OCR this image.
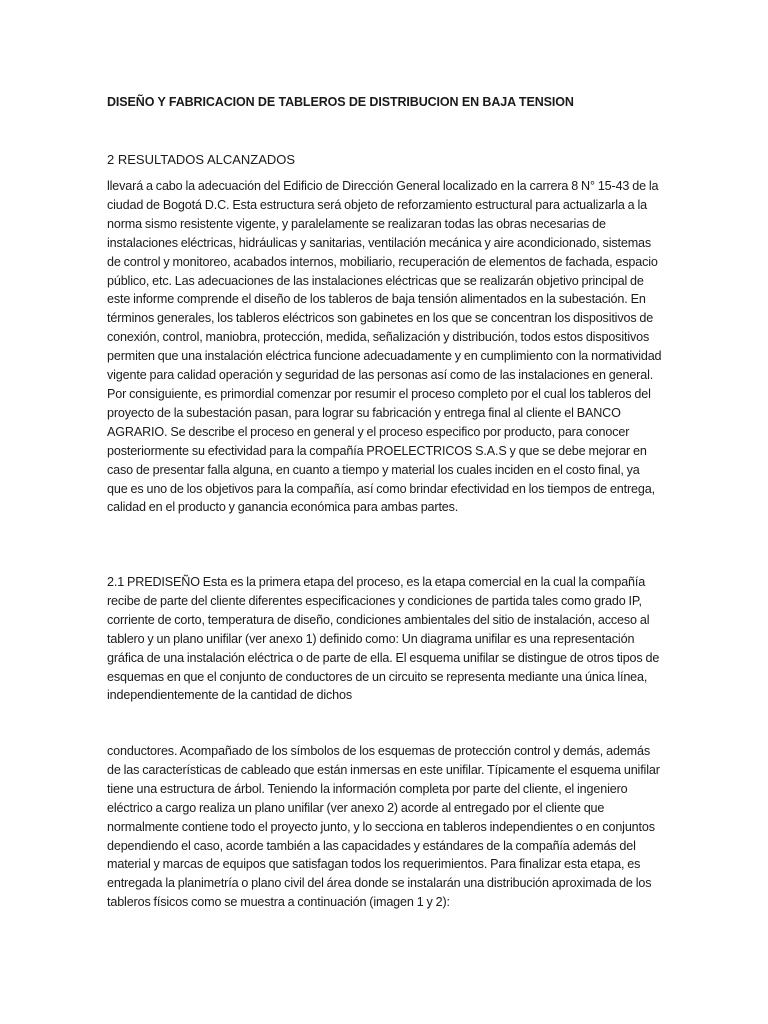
DISEÑO Y FABRICACION DE TABLEROS DE DISTRIBUCION EN BAJA TENSION
2 RESULTADOS ALCANZADOS

llevará a cabo la adecuación del Edificio de Dirección General localizado en la carrera 8 N° 15-43 de la ciudad de Bogotá D.C. Esta estructura será objeto de reforzamiento estructural para actualizarla a la norma sismo resistente vigente, y paralelamente se realizaran todas las obras necesarias de instalaciones eléctricas, hidráulicas y sanitarias, ventilación mecánica y aire acondicionado, sistemas de control y monitoreo, acabados internos, mobiliario, recuperación de elementos de fachada, espacio público, etc. Las adecuaciones de las instalaciones eléctricas que se realizarán objetivo principal de este informe comprende el diseño de los tableros de baja tensión alimentados en la subestación. En términos generales, los tableros eléctricos son gabinetes en los que se concentran los dispositivos de conexión, control, maniobra, protección, medida, señalización y distribución, todos estos dispositivos permiten que una instalación eléctrica funcione adecuadamente y en cumplimiento con la normatividad vigente para calidad operación y seguridad de las personas así como de las instalaciones en general. Por consiguiente, es primordial comenzar por resumir el proceso completo por el cual los tableros del proyecto de la subestación pasan, para lograr su fabricación y entrega final al cliente el BANCO AGRARIO. Se describe el proceso en general y el proceso especifico por producto, para conocer posteriormente su efectividad para la compañía PROELECTRICOS S.A.S y que se debe mejorar en caso de presentar falla alguna, en cuanto a tiempo y material los cuales inciden en el costo final, ya que es uno de los objetivos para la compañía, así como brindar efectividad en los tiempos de entrega, calidad en el producto y ganancia económica para ambas partes.

2.1 PREDISEÑO Esta es la primera etapa del proceso, es la etapa comercial en la cual la compañía recibe de parte del cliente diferentes especificaciones y condiciones de partida tales como grado IP, corriente de corto, temperatura de diseño, condiciones ambientales del sitio de instalación, acceso al tablero y un plano unifilar (ver anexo 1) definido como: Un diagrama unifilar es una representación gráfica de una instalación eléctrica o de parte de ella. El esquema unifilar se distingue de otros tipos de esquemas en que el conjunto de conductores de un circuito se representa mediante una única línea, independientemente de la cantidad de dichos

conductores. Acompañado de los símbolos de los esquemas de protección control y demás, además de las características de cableado que están inmersas en este unifilar. Típicamente el esquema unifilar tiene una estructura de árbol. Teniendo la información completa por parte del cliente, el ingeniero eléctrico a cargo realiza un plano unifilar (ver anexo 2) acorde al entregado por el cliente que normalmente contiene todo el proyecto junto, y lo secciona en tableros independientes o en conjuntos dependiendo el caso, acorde también a las capacidades y estándares de la compañía además del material y marcas de equipos que satisfagan todos los requerimientos. Para finalizar esta etapa, es entregada la planimetría o plano civil del área donde se instalarán una distribución aproximada de los tableros físicos como se muestra a continuación (imagen 1 y 2):
